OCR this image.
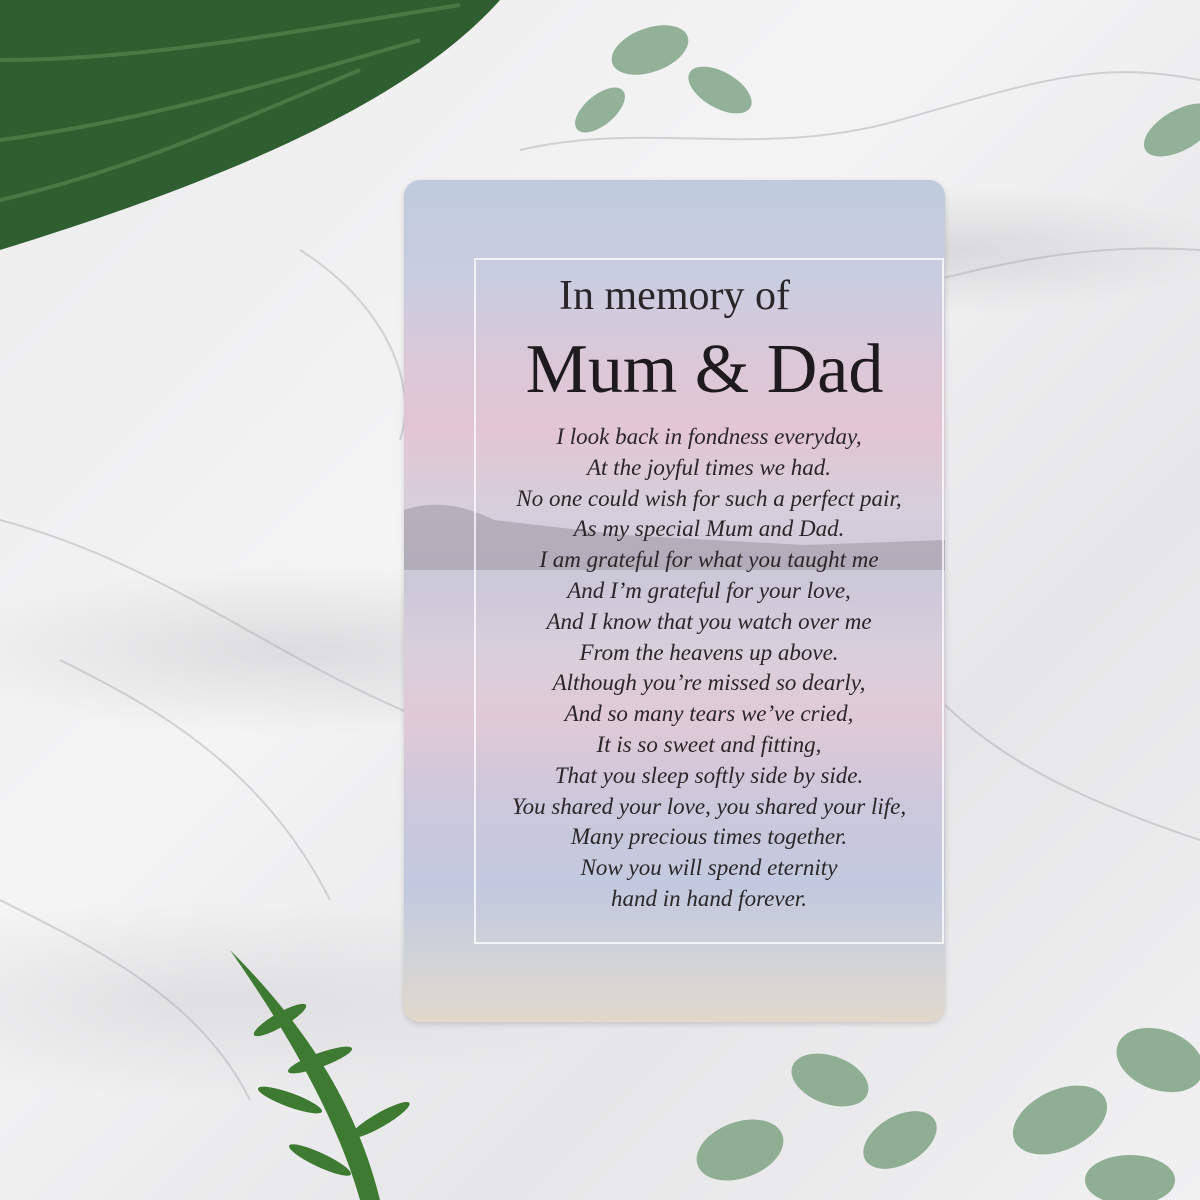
In memory of
Mum & Dad
I look back in fondness everyday,
At the joyful times we had.
No one could wish for such a perfect pair,
As my special Mum and Dad.
I am grateful for what you taught me
And I’m grateful for your love,
And I know that you watch over me
From the heavens up above.
Although you’re missed so dearly,
And so many tears we’ve cried,
It is so sweet and fitting,
That you sleep softly side by side.
You shared your love, you shared your life,
Many precious times together.
Now you will spend eternity
hand in hand forever.
